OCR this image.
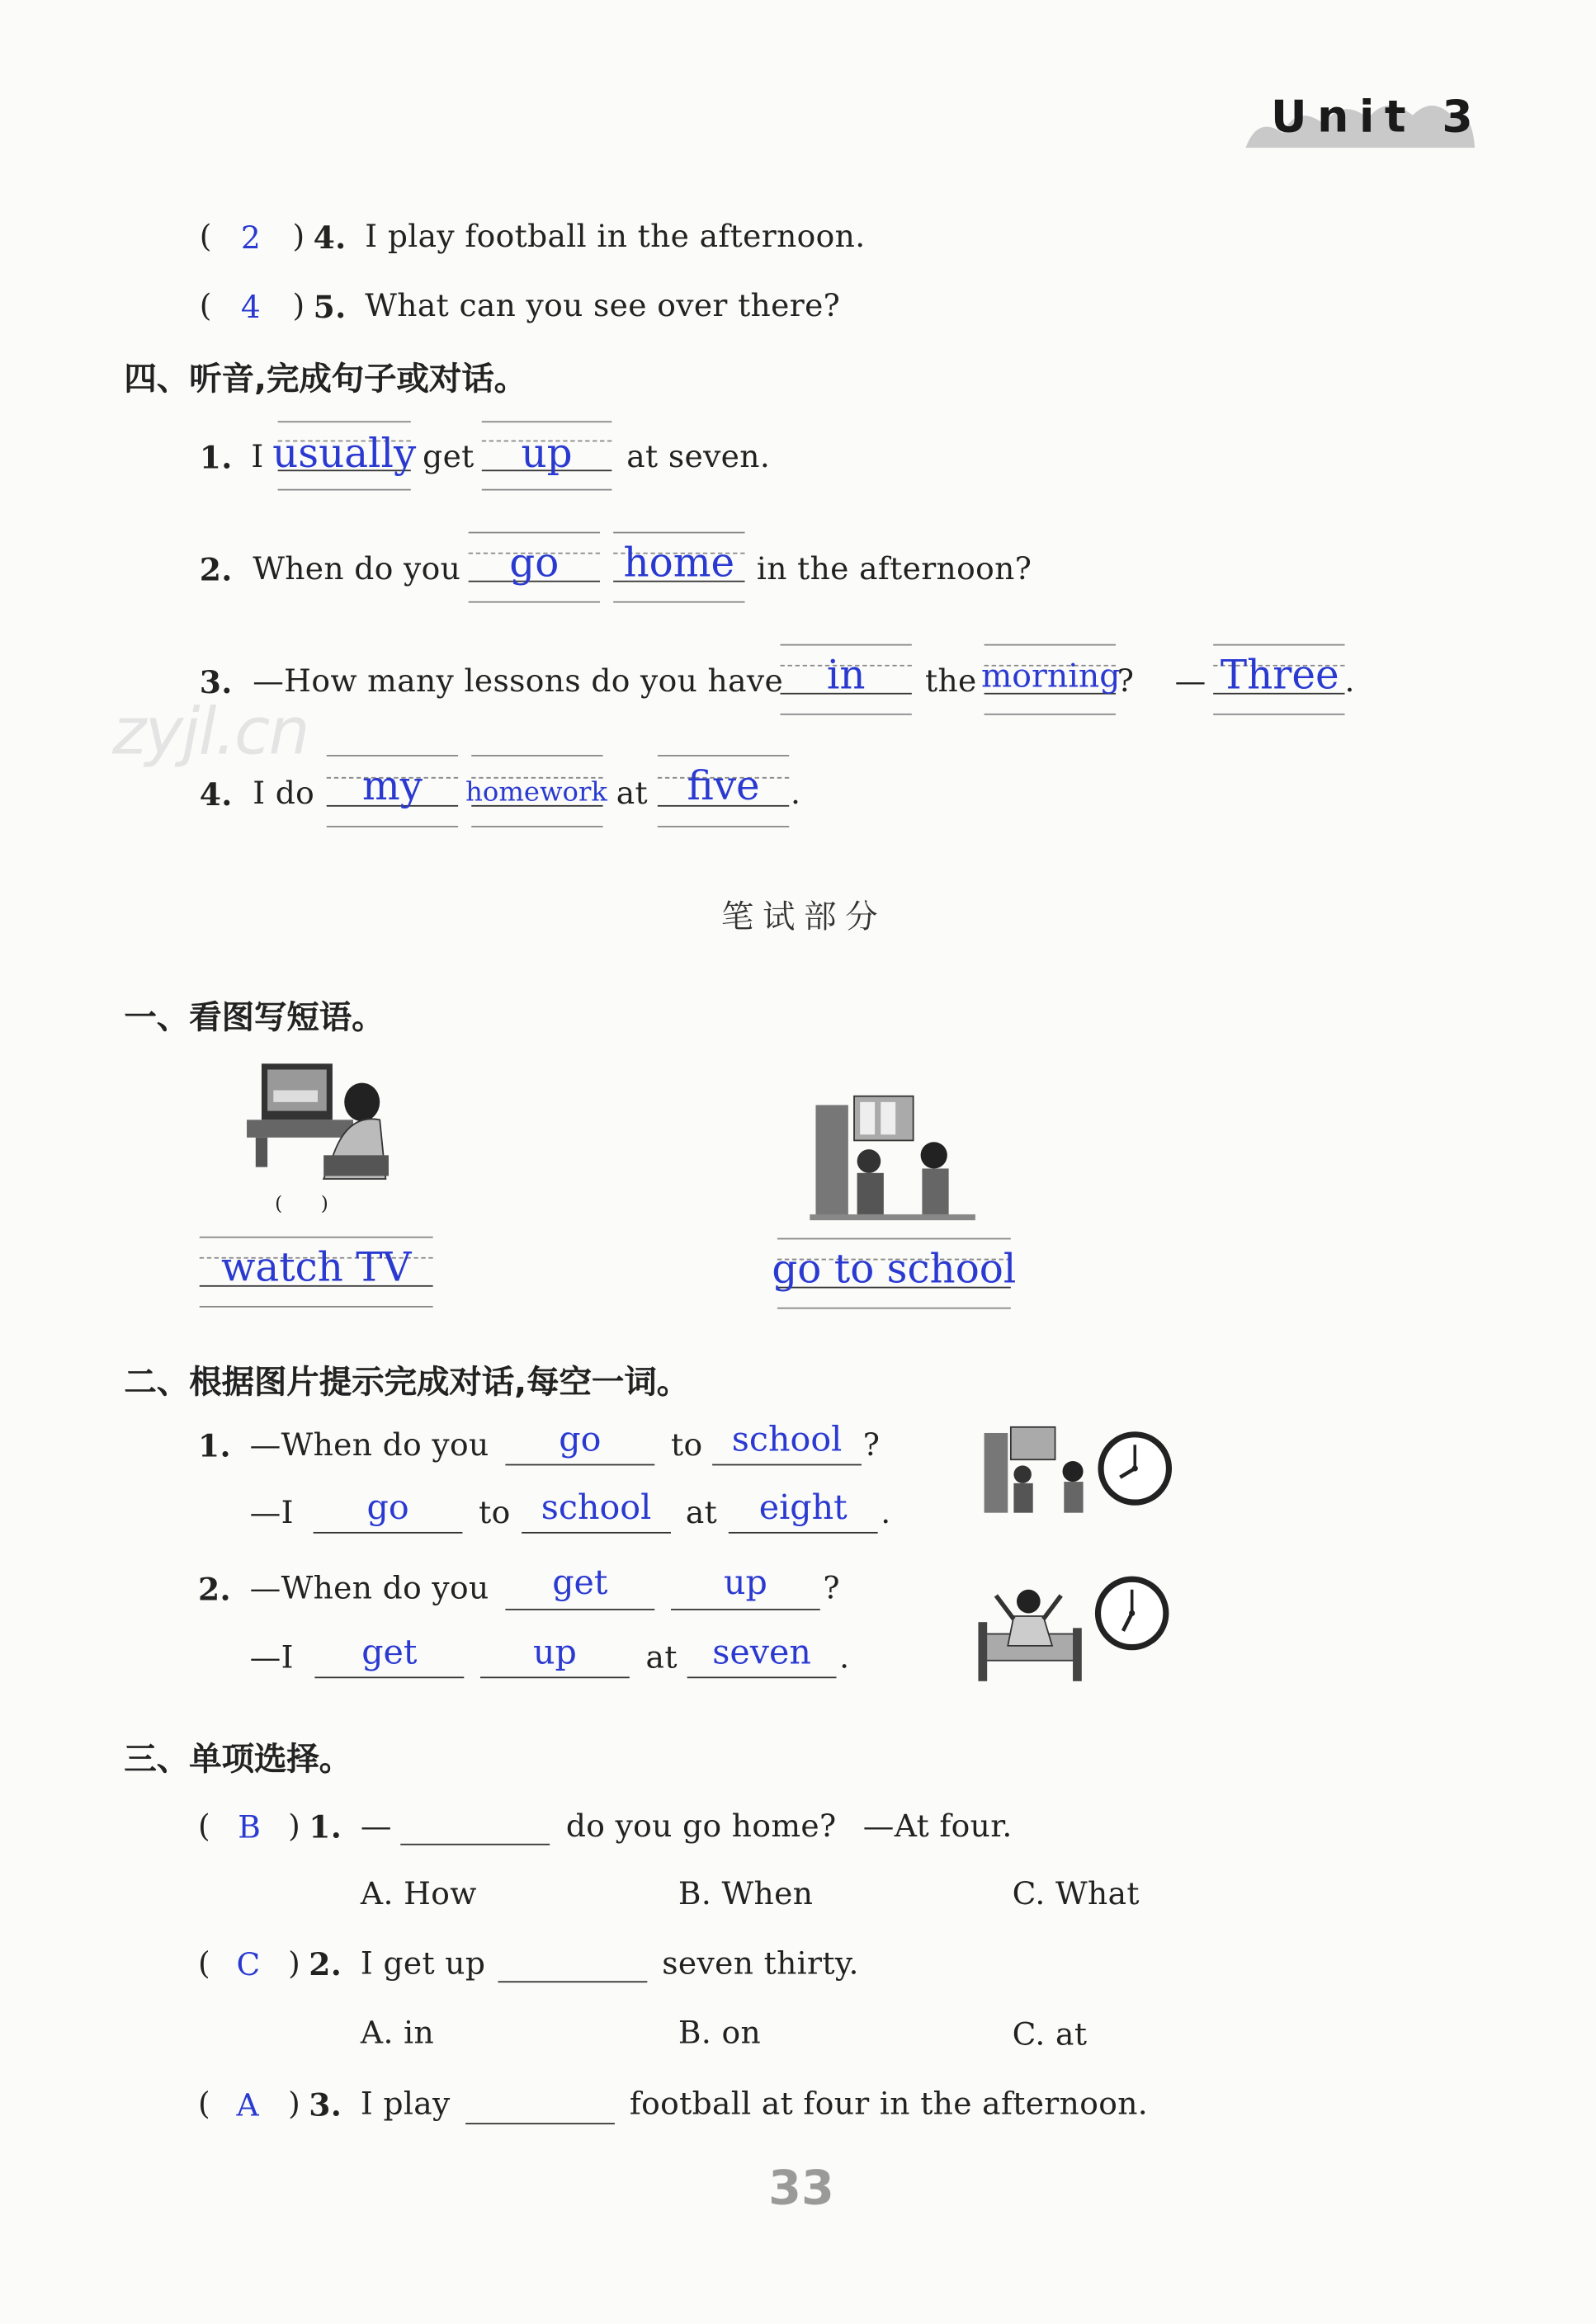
Unit 3
( 2 ) 4. I play football in the afternoon.
( 4 ) 5. What can you see over there?
四、听音,完成句子或对话。
1. I usually get	up	at seven.
2. When do you	go	home	in the afternoon?
zyjl.cn
3. —How many lessons do you have	in	the morning
? — Three .
4. I do	my	homework at	five	.
笔试部分
一、看图写短语。
(  )
watch TV	go to school
二、根据图片提示完成对话,每空一词。
1. —When do you	go	to	school	?
—I	go	to	school	at	eight	.
2. —When do you	get	up	?
—I	get	up	at	seven	.
三、单项选择。
( B ) 1. —	do you go home? —At four.
A. How	B. When	C. What
( C ) 2. I get up	seven thirty.
A. in	B. on	C. at
( A ) 3. I play	football at four in the afternoon.
33
